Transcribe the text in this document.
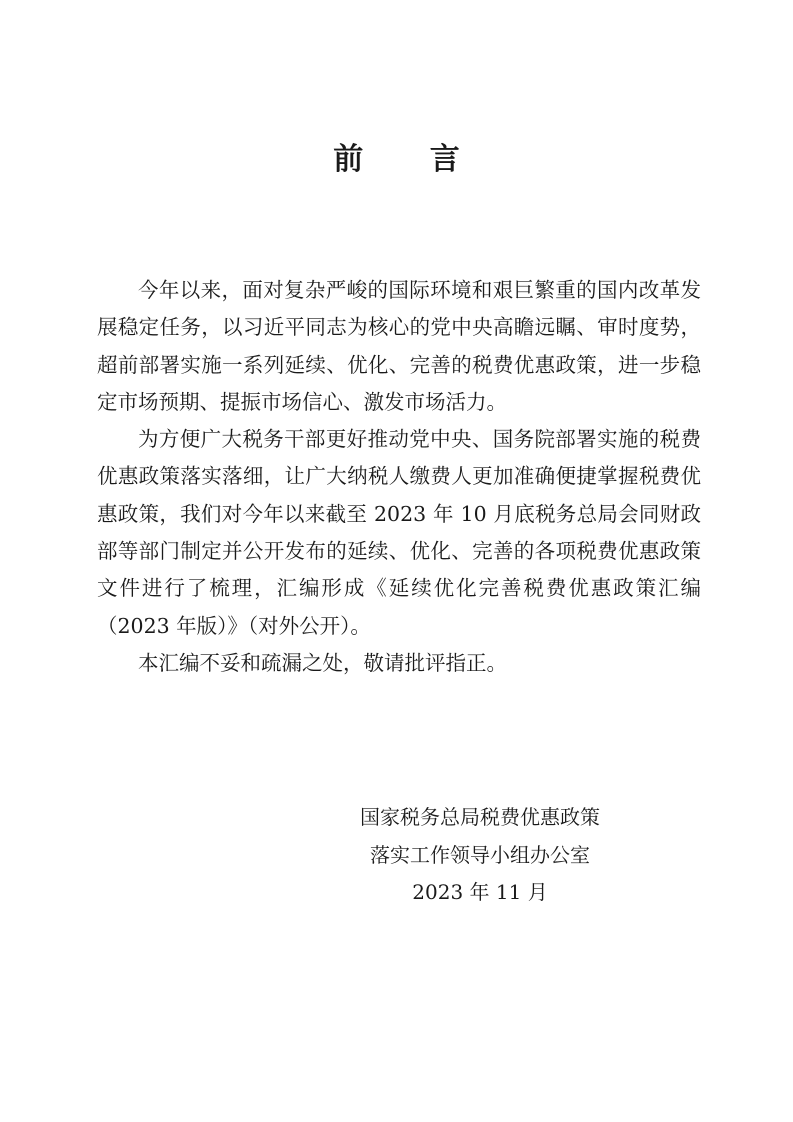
前 言

今年以来，面对复杂严峻的国际环境和艰巨繁重的国内改革发展稳定任务，以习近平同志为核心的党中央高瞻远瞩、审时度势，超前部署实施一系列延续、优化、完善的税费优惠政策，进一步稳定市场预期、提振市场信心、激发市场活力。

为方便广大税务干部更好推动党中央、国务院部署实施的税费优惠政策落实落细，让广大纳税人缴费人更加准确便捷掌握税费优惠政策，我们对今年以来截至 2023 年 10 月底税务总局会同财政部等部门制定并公开发布的延续、优化、完善的各项税费优惠政策文件进行了梳理，汇编形成《延续优化完善税费优惠政策汇编（2023 年版）》（对外公开）。

本汇编不妥和疏漏之处，敬请批评指正。

国家税务总局税费优惠政策
落实工作领导小组办公室
2023 年 11 月
